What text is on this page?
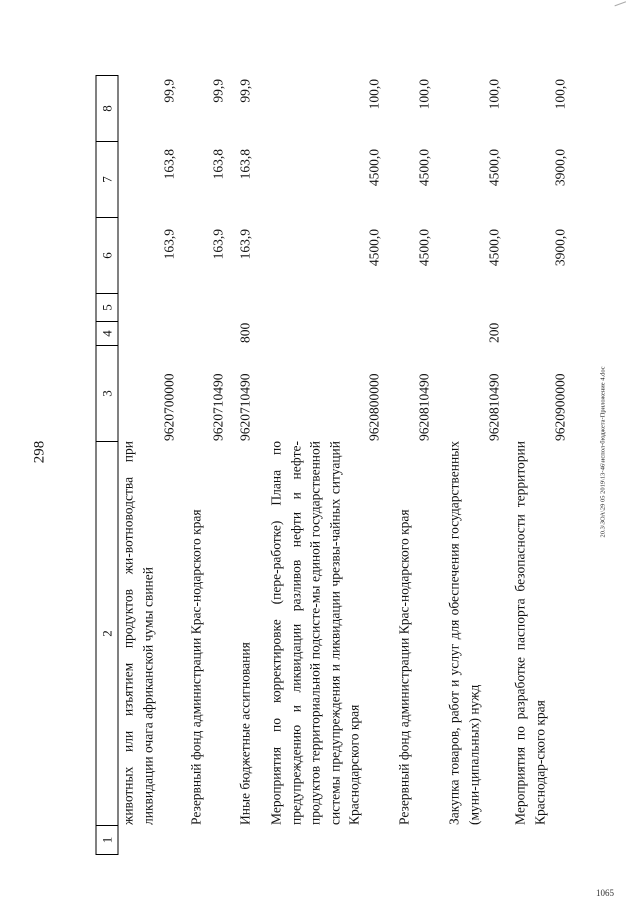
298
1
2
3
4
5
6
7
8
животных или изъятием продуктов жи-вотноводства при ликвидации очага африканской чумы свиней
9620700000
163,9
163,8
99,9
Резервный фонд администрации Крас-нодарского края
9620710490
163,9
163,8
99,9
Иные бюджетные ассигнования
9620710490
800
163,9
163,8
99,9
Мероприятия по корректировке (пере-работке) Плана по предупреждению и ликвидации разливов нефти и нефте-продуктов территориальной подсисте-мы единой государственной системы предупреждения и ликвидации чрезвы-чайных ситуаций Краснодарского края
9620800000
4500,0
4500,0
100,0
Резервный фонд администрации Крас-нодарского края
9620810490
4500,0
4500,0
100,0
Закупка товаров, работ и услуг для обеспечения государственных (муни-ципальных) нужд
9620810490
200
4500,0
4500,0
100,0
Мероприятия по разработке паспорта безопасности территории Краснодар-ского края
9620900000
3900,0
3900,0
100,0
20.3\ЗОА\29 05 2019\13-46\испол-бюджета-Приложение 4.doc
1065
